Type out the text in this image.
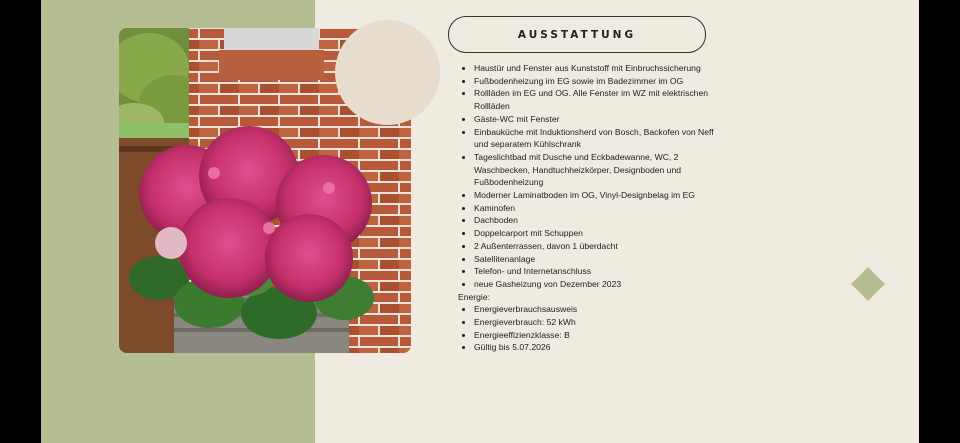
AUSSTATTUNG
• Haustür und Fenster aus Kunststoff mit Einbruchssicherung
• Fußbodenheizung im EG sowie im Badezimmer im OG
• Rollläden im EG und OG. Alle Fenster im WZ mit elektrischen Rollläden
• Gäste-WC mit Fenster
• Einbauküche mit Induktionsherd von Bosch, Backofen von Neff und separatem Kühlschrank
• Tageslichtbad mit Dusche und Eckbadewanne, WC, 2 Waschbecken, Handtuchheizkörper, Designboden und Fußbodenheizung
• Moderner Laminatboden im OG, Vinyl-Designbelag im EG
• Kaminofen
• Dachboden
• Doppelcarport mit Schuppen
• 2 Außenterrassen, davon 1 überdacht
• Satellitenanlage
• Telefon- und Internetanschluss
• neue Gasheizung von Dezember 2023
Energie:
• Energieverbrauchsausweis
• Energieverbrauch: 52 kWh
• Energieeffizienzklasse: B
• Gültig bis 5.07.2026
